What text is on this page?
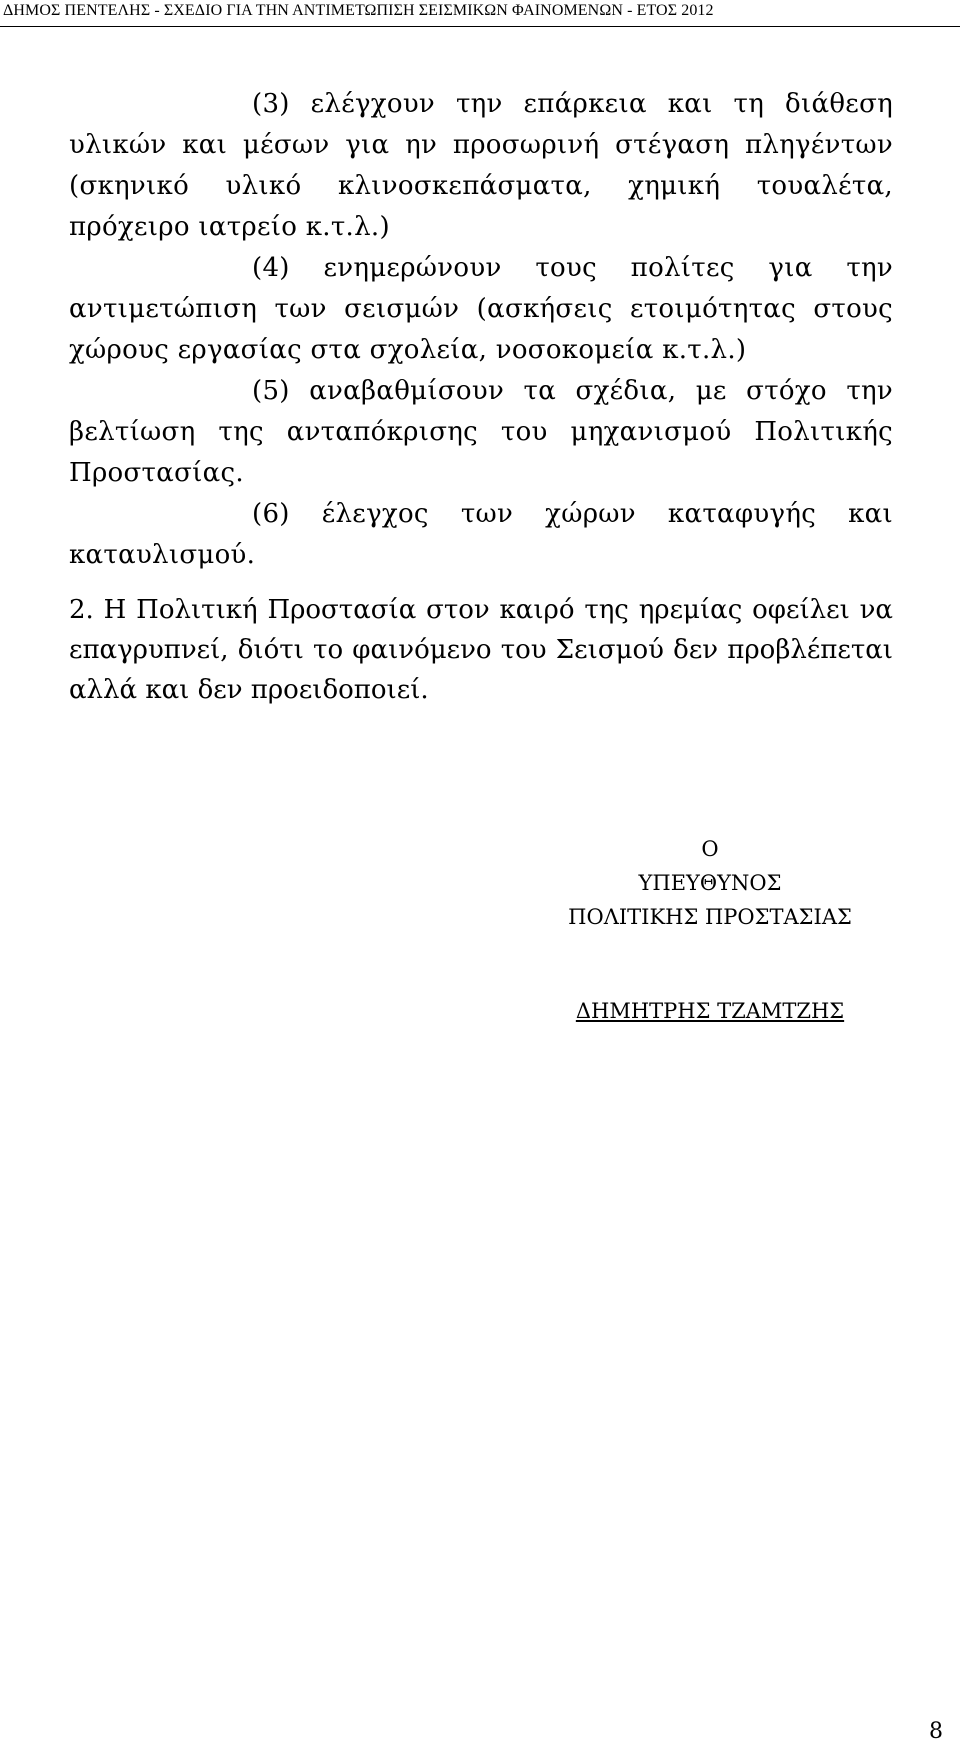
ΔΗΜΟΣ ΠΕΝΤΕΛΗΣ - ΣΧΕΔΙΟ ΓΙΑ ΤΗΝ ΑΝΤΙΜΕΤΩΠΙΣΗ ΣΕΙΣΜΙΚΩΝ ΦΑΙΝΟΜΕΝΩΝ - ΕΤΟΣ 2012

(3) ελέγχουν την επάρκεια και τη διάθεση υλικών και μέσων για ην προσωρινή στέγαση πληγέντων (σκηνικό υλικό κλινοσκεπάσματα, χημική τουαλέτα, πρόχειρο ιατρείο κ.τ.λ.)

(4) ενημερώνουν τους πολίτες για την αντιμετώπιση των σεισμών (ασκήσεις ετοιμότητας στους χώρους εργασίας στα σχολεία, νοσοκομεία κ.τ.λ.)

(5) αναβαθμίσουν τα σχέδια, με στόχο την βελτίωση της ανταπόκρισης του μηχανισμού Πολιτικής Προστασίας.

(6) έλεγχος των χώρων καταφυγής και καταυλισμού.

2. Η Πολιτική Προστασία στον καιρό της ηρεμίας οφείλει να επαγρυπνεί, διότι το φαινόμενο του Σεισμού δεν προβλέπεται αλλά και δεν προειδοποιεί.

Ο
ΥΠΕΥΘΥΝΟΣ
ΠΟΛΙΤΙΚΗΣ ΠΡΟΣΤΑΣΙΑΣ
ΔΗΜΗΤΡΗΣ ΤΖΑΜΤΖΗΣ
8
